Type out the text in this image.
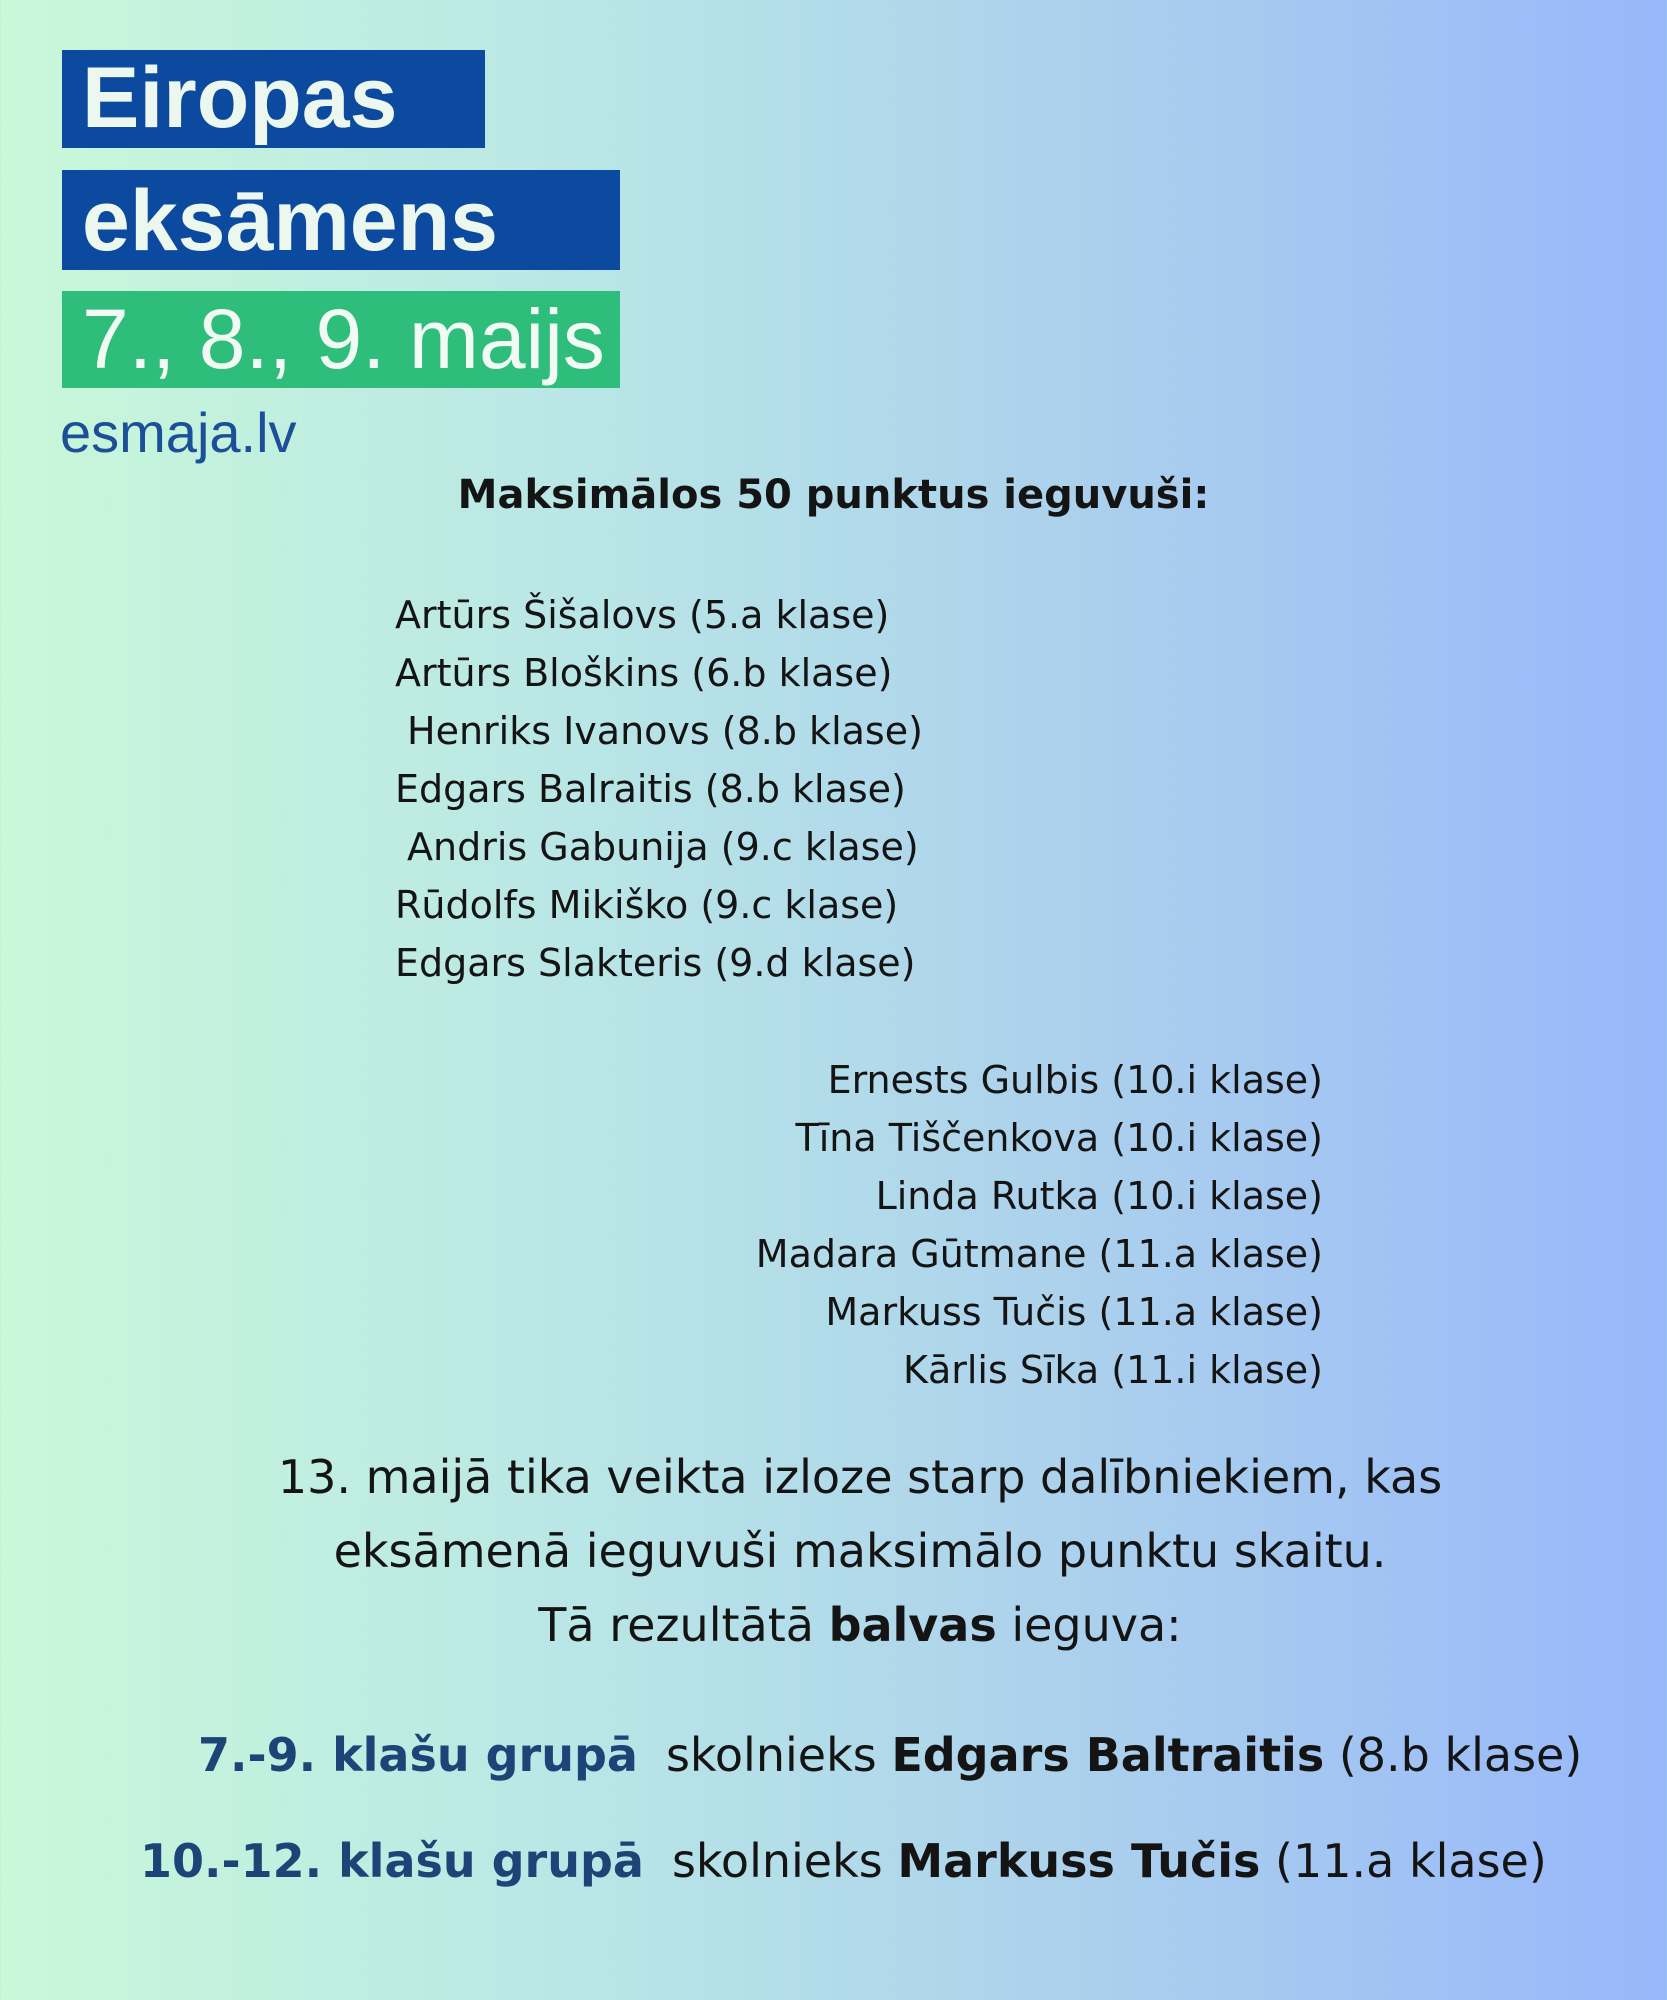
Eiropas
eksāmens
7., 8., 9. maijs
esmaja.lv
Maksimālos 50 punktus ieguvuši:
Artūrs Šišalovs (5.a klase)
Artūrs Bloškins (6.b klase)
Henriks Ivanovs (8.b klase)
Edgars Balraitis (8.b klase)
Andris Gabunija (9.c klase)
Rūdolfs Mikiško (9.c klase)
Edgars Slakteris (9.d klase)
Ernests Gulbis (10.i klase)
Tīna Tiščenkova (10.i klase)
Linda Rutka (10.i klase)
Madara Gūtmane (11.a klase)
Markuss Tučis (11.a klase)
Kārlis Sīka (11.i klase)
13. maijā tika veikta izloze starp dalībniekiem, kas
eksāmenā ieguvuši maksimālo punktu skaitu.
Tā rezultātā balvas ieguva:
7.-9. klašu grupā skolnieks Edgars Baltraitis (8.b klase)
10.-12. klašu grupā skolnieks Markuss Tučis (11.a klase)
